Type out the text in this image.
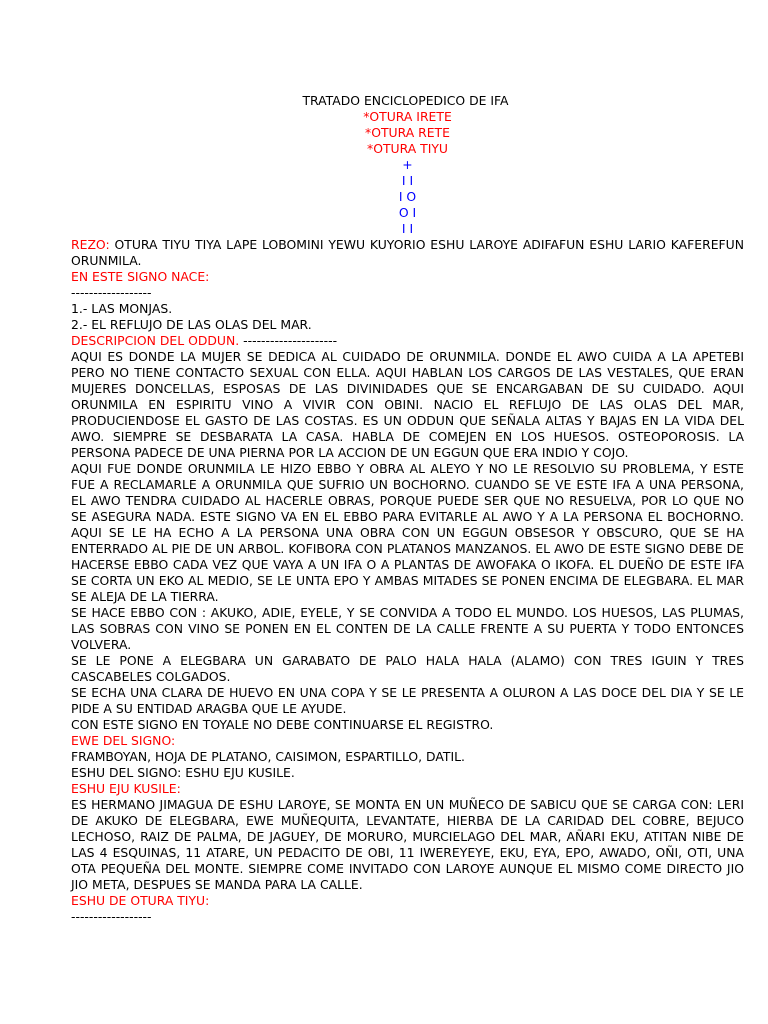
TRATADO ENCICLOPEDICO DE IFA
*OTURA IRETE
*OTURA RETE
*OTURA TIYU
+
I I
I O
O I
I I

REZO: OTURA TIYU TIYA LAPE LOBOMINI YEWU KUYORIO ESHU LAROYE ADIFAFUN ESHU LARIO KAFEREFUN ORUNMILA.

EN ESTE SIGNO NACE:

------------------

1.- LAS MONJAS.

2.- EL REFLUJO DE LAS OLAS DEL MAR.

DESCRIPCION DEL ODDUN. ---------------------

AQUI ES DONDE LA MUJER SE DEDICA AL CUIDADO DE ORUNMILA. DONDE EL AWO CUIDA A LA APETEBI PERO NO TIENE CONTACTO SEXUAL CON ELLA. AQUI HABLAN LOS CARGOS DE LAS VESTALES, QUE ERAN MUJERES DONCELLAS, ESPOSAS DE LAS DIVINIDADES QUE SE ENCARGABAN DE SU CUIDADO. AQUI ORUNMILA EN ESPIRITU VINO A VIVIR CON OBINI. NACIO EL REFLUJO DE LAS OLAS DEL MAR, PRODUCIENDOSE EL GASTO DE LAS COSTAS. ES UN ODDUN QUE SEÑALA ALTAS Y BAJAS EN LA VIDA DEL AWO. SIEMPRE SE DESBARATA LA CASA. HABLA DE COMEJEN EN LOS HUESOS. OSTEOPOROSIS. LA PERSONA PADECE DE UNA PIERNA POR LA ACCION DE UN EGGUN QUE ERA INDIO Y COJO.

AQUI FUE DONDE ORUNMILA LE HIZO EBBO Y OBRA AL ALEYO Y NO LE RESOLVIO SU PROBLEMA, Y ESTE FUE A RECLAMARLE A ORUNMILA QUE SUFRIO UN BOCHORNO. CUANDO SE VE ESTE IFA A UNA PERSONA, EL AWO TENDRA CUIDADO AL HACERLE OBRAS, PORQUE PUEDE SER QUE NO RESUELVA, POR LO QUE NO SE ASEGURA NADA. ESTE SIGNO VA EN EL EBBO PARA EVITARLE AL AWO Y A LA PERSONA EL BOCHORNO. AQUI SE LE HA ECHO A LA PERSONA UNA OBRA CON UN EGGUN OBSESOR Y OBSCURO, QUE SE HA ENTERRADO AL PIE DE UN ARBOL. KOFIBORA CON PLATANOS MANZANOS. EL AWO DE ESTE SIGNO DEBE DE HACERSE EBBO CADA VEZ QUE VAYA A UN IFA O A PLANTAS DE AWOFAKA O IKOFA. EL DUEÑO DE ESTE IFA SE CORTA UN EKO AL MEDIO, SE LE UNTA EPO Y AMBAS MITADES SE PONEN ENCIMA DE ELEGBARA. EL MAR SE ALEJA DE LA TIERRA.

SE HACE EBBO CON : AKUKO, ADIE, EYELE, Y SE CONVIDA A TODO EL MUNDO. LOS HUESOS, LAS PLUMAS, LAS SOBRAS CON VINO SE PONEN EN EL CONTEN DE LA CALLE FRENTE A SU PUERTA Y TODO ENTONCES VOLVERA.

SE LE PONE A ELEGBARA UN GARABATO DE PALO HALA HALA (ALAMO) CON TRES IGUIN Y TRES CASCABELES COLGADOS.

SE ECHA UNA CLARA DE HUEVO EN UNA COPA Y SE LE PRESENTA A OLURON A LAS DOCE DEL DIA Y SE LE PIDE A SU ENTIDAD ARAGBA QUE LE AYUDE.

CON ESTE SIGNO EN TOYALE NO DEBE CONTINUARSE EL REGISTRO.

EWE DEL SIGNO:

FRAMBOYAN, HOJA DE PLATANO, CAISIMON, ESPARTILLO, DATIL.

ESHU DEL SIGNO: ESHU EJU KUSILE.

ESHU EJU KUSILE:

ES HERMANO JIMAGUA DE ESHU LAROYE, SE MONTA EN UN MUÑECO DE SABICU QUE SE CARGA CON: LERI DE AKUKO DE ELEGBARA, EWE MUÑEQUITA, LEVANTATE, HIERBA DE LA CARIDAD DEL COBRE, BEJUCO LECHOSO, RAIZ DE PALMA, DE JAGUEY, DE MORURO, MURCIELAGO DEL MAR, AÑARI EKU, ATITAN NIBE DE LAS 4 ESQUINAS, 11 ATARE, UN PEDACITO DE OBI, 11 IWEREYEYE, EKU, EYA, EPO, AWADO, OÑI, OTI, UNA OTA PEQUEÑA DEL MONTE. SIEMPRE COME INVITADO CON LAROYE AUNQUE EL MISMO COME DIRECTO JIO JIO META, DESPUES SE MANDA PARA LA CALLE.

ESHU DE OTURA TIYU:

------------------
